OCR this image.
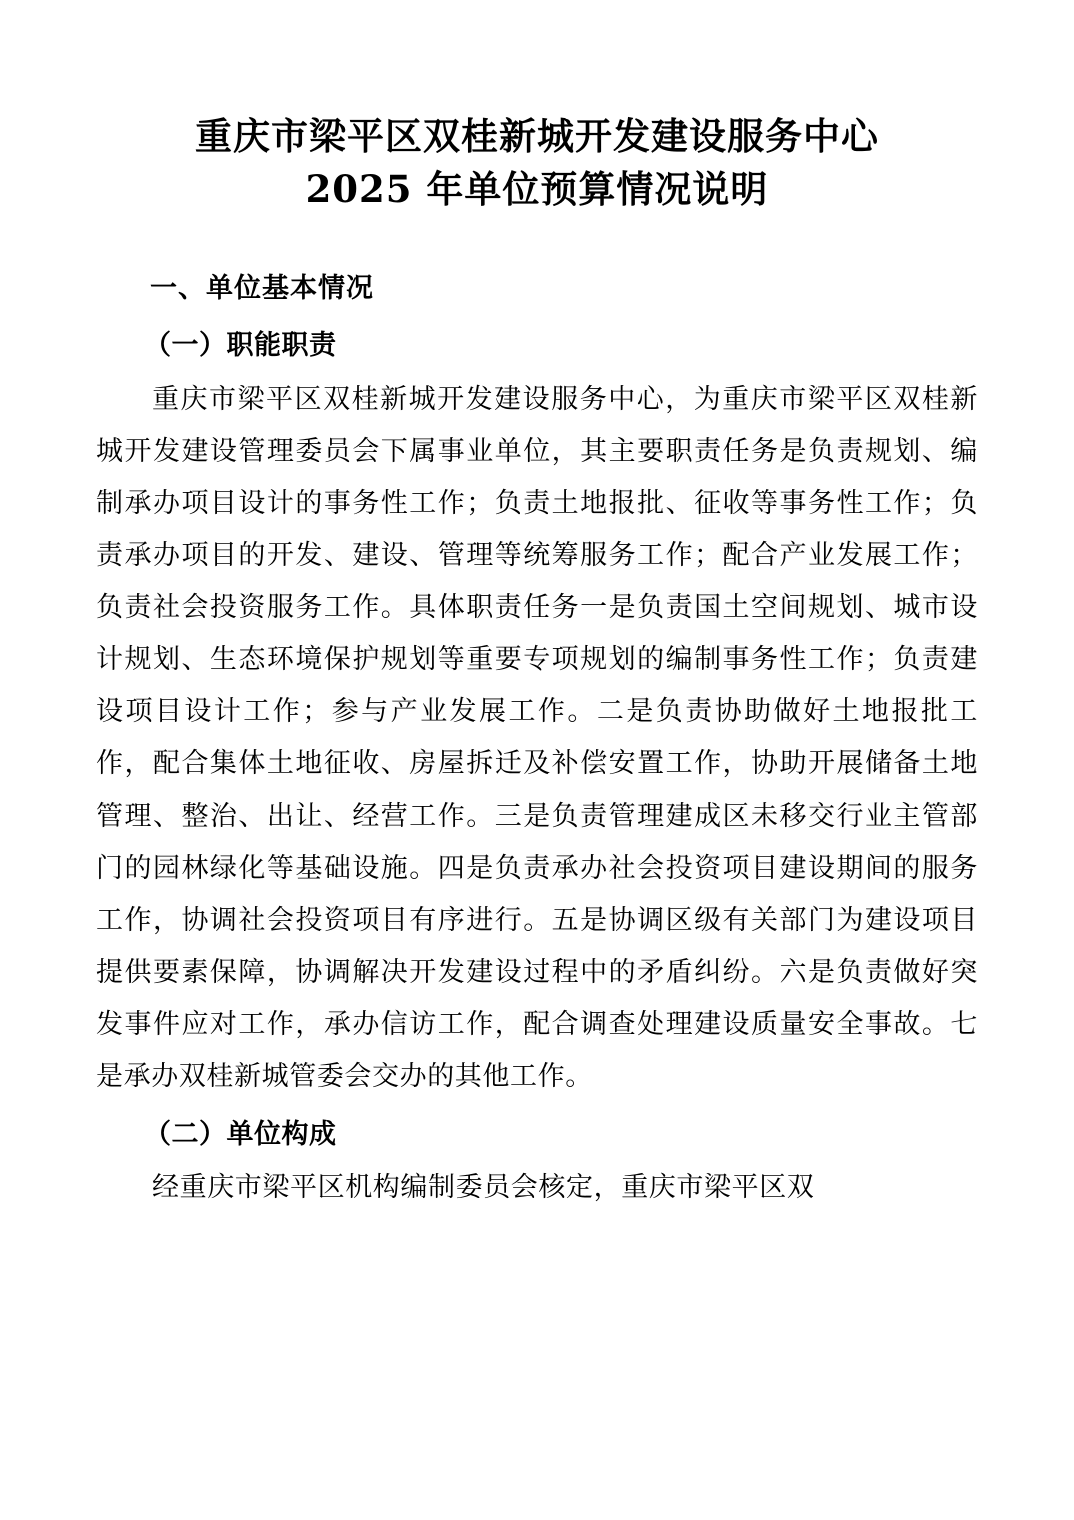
重庆市梁平区双桂新城开发建设服务中心
2025 年单位预算情况说明
一、单位基本情况
（一）职能职责

重庆市梁平区双桂新城开发建设服务中心，为重庆市梁平区双桂新城开发建设管理委员会下属事业单位，其主要职责任务是负责规划、编制承办项目设计的事务性工作；负责土地报批、征收等事务性工作；负责承办项目的开发、建设、管理等统筹服务工作；配合产业发展工作；负责社会投资服务工作。具体职责任务一是负责国土空间规划、城市设计规划、生态环境保护规划等重要专项规划的编制事务性工作；负责建设项目设计工作；参与产业发展工作。二是负责协助做好土地报批工作，配合集体土地征收、房屋拆迁及补偿安置工作，协助开展储备土地管理、整治、出让、经营工作。三是负责管理建成区未移交行业主管部门的园林绿化等基础设施。四是负责承办社会投资项目建设期间的服务工作，协调社会投资项目有序进行。五是协调区级有关部门为建设项目提供要素保障，协调解决开发建设过程中的矛盾纠纷。六是负责做好突发事件应对工作，承办信访工作，配合调查处理建设质量安全事故。七是承办双桂新城管委会交办的其他工作。

（二）单位构成

经重庆市梁平区机构编制委员会核定，重庆市梁平区双
